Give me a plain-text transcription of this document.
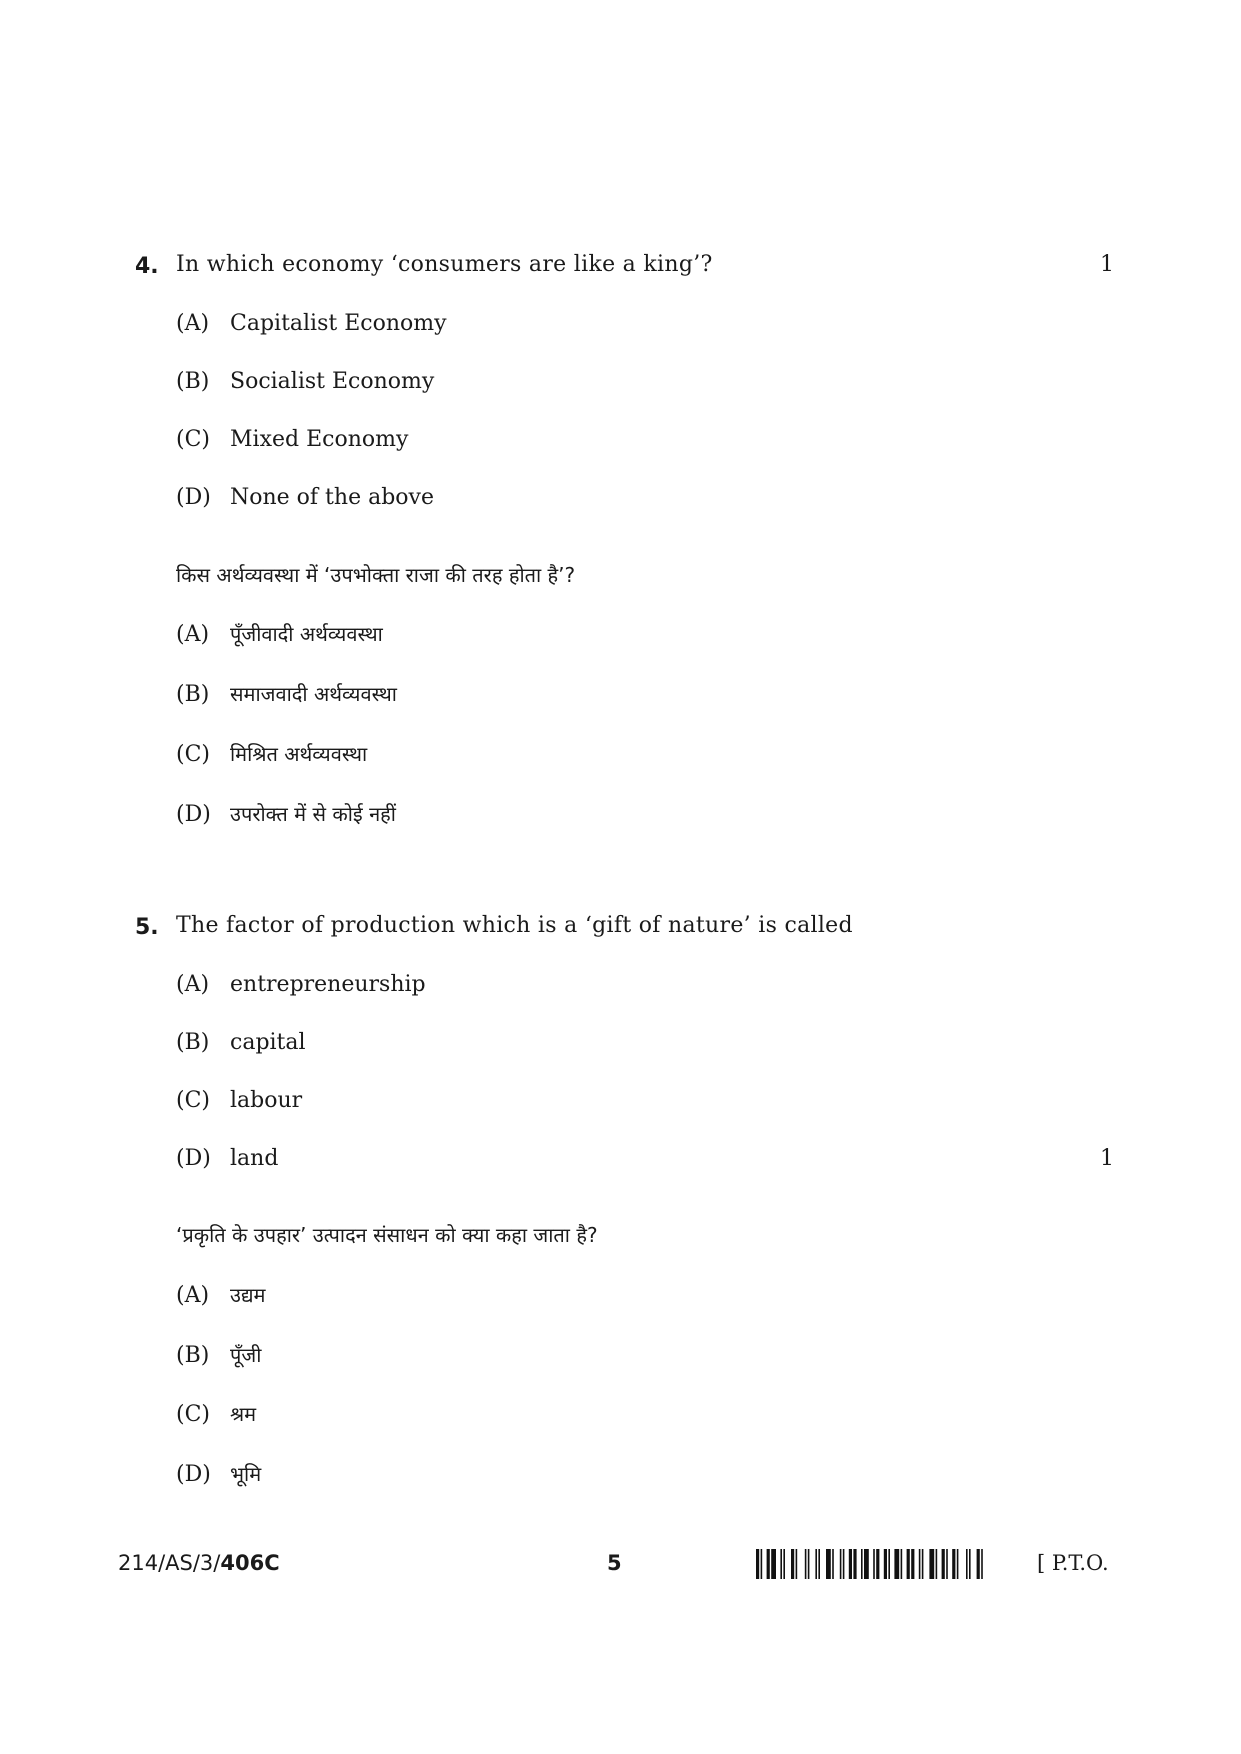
4. In which economy ‘consumers are like a king’?	1
(A) Capitalist Economy
(B) Socialist Economy
(C) Mixed Economy
(D) None of the above
किस अर्थव्यवस्था में ‘उपभोक्ता राजा की तरह होता है’?
(A) पूँजीवादी अर्थव्यवस्था
(B) समाजवादी अर्थव्यवस्था
(C) मिश्रित अर्थव्यवस्था
(D) उपरोक्त में से कोई नहीं
5. The factor of production which is a ‘gift of nature’ is called
(A) entrepreneurship
(B) capital
(C) labour
(D) land	1
‘प्रकृति के उपहार’ उत्पादन संसाधन को क्या कहा जाता है?
(A) उद्यम
(B) पूँजी
(C) श्रम
(D) भूमि
214/AS/3/406C	5	[ P.T.O.
